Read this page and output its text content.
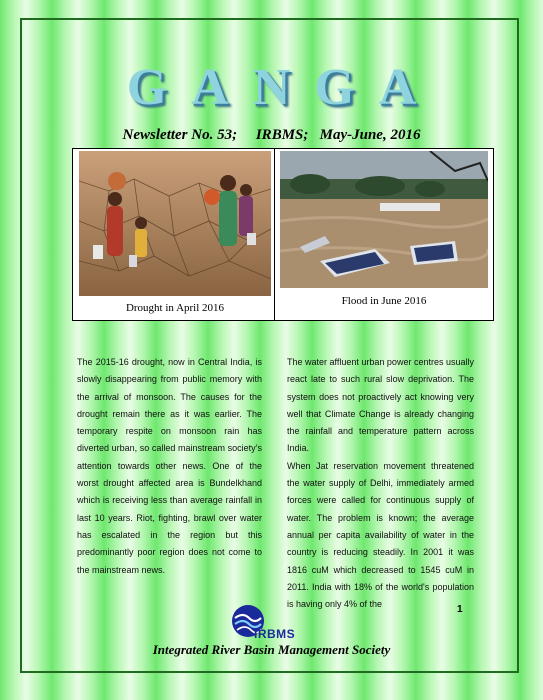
GANGA
Newsletter No. 53;     IRBMS;   May-June, 2016
Drought in April 2016
Flood in June 2016

The 2015-16 drought, now in Central India, is slowly disappearing from public memory with the arrival of monsoon. The causes for the drought remain there as it was earlier. The temporary respite on monsoon rain has diverted urban, so called mainstream society’s attention towards other news. One of the worst drought affected area is Bundelkhand which is receiving less than average rainfall in last 10 years. Riot, fighting, brawl over water has escalated in the region but this predominantly poor region does not come to the mainstream news.

The water affluent urban power centres usually react late to such rural slow deprivation. The system does not proactively act knowing very well that Climate Change is already changing the rainfall and temperature pattern across India.

When Jat reservation movement threatened the water supply of Delhi, immediately armed forces were called for continuous supply of water. The problem is known; the average annual per capita availability of water in the country is reducing steadily. In 2001 it was 1816 cuM which decreased to 1545 cuM in 2011. India with 18% of the world's population is having only 4% of the	1
IRBMS
Integrated River Basin Management Society
